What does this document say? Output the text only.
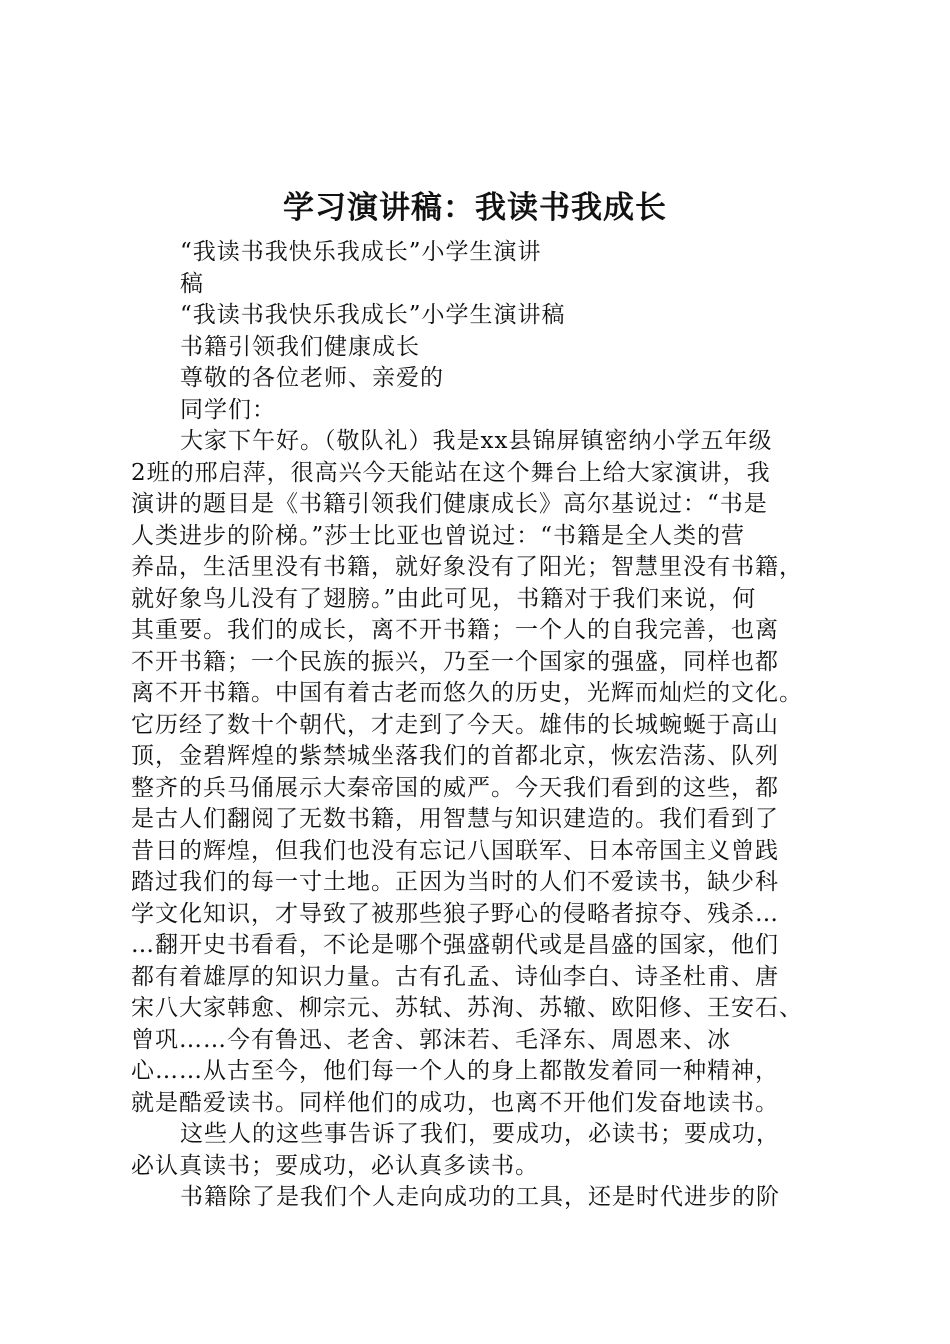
学习演讲稿：我读书我成长
“我读书我快乐我成长”小学生演讲
稿
“我读书我快乐我成长”小学生演讲稿
书籍引领我们健康成长
尊敬的各位老师、亲爱的
同学们：
大家下午好。（敬队礼）我是xx县锦屏镇密纳小学五年级
2班的邢启萍，很高兴今天能站在这个舞台上给大家演讲，我
演讲的题目是《书籍引领我们健康成长》高尔基说过：“书是
人类进步的阶梯。”莎士比亚也曾说过：“书籍是全人类的营
养品，生活里没有书籍，就好象没有了阳光；智慧里没有书籍，
就好象鸟儿没有了翅膀。”由此可见，书籍对于我们来说，何
其重要。我们的成长，离不开书籍；一个人的自我完善，也离
不开书籍；一个民族的振兴，乃至一个国家的强盛，同样也都
离不开书籍。中国有着古老而悠久的历史，光辉而灿烂的文化。
它历经了数十个朝代，才走到了今天。雄伟的长城蜿蜒于高山
顶，金碧辉煌的紫禁城坐落我们的首都北京，恢宏浩荡、队列
整齐的兵马俑展示大秦帝国的威严。今天我们看到的这些，都
是古人们翻阅了无数书籍，用智慧与知识建造的。我们看到了
昔日的辉煌，但我们也没有忘记八国联军、日本帝国主义曾践
踏过我们的每一寸土地。正因为当时的人们不爱读书，缺少科
学文化知识，才导致了被那些狼子野心的侵略者掠夺、残杀…
…翻开史书看看，不论是哪个强盛朝代或是昌盛的国家，他们
都有着雄厚的知识力量。古有孔孟、诗仙李白、诗圣杜甫、唐
宋八大家韩愈、柳宗元、苏轼、苏洵、苏辙、欧阳修、王安石、
曾巩……今有鲁迅、老舍、郭沫若、毛泽东、周恩来、冰
心……从古至今，他们每一个人的身上都散发着同一种精神，
就是酷爱读书。同样他们的成功，也离不开他们发奋地读书。
这些人的这些事告诉了我们，要成功，必读书；要成功，
必认真读书；要成功，必认真多读书。
书籍除了是我们个人走向成功的工具，还是时代进步的阶
